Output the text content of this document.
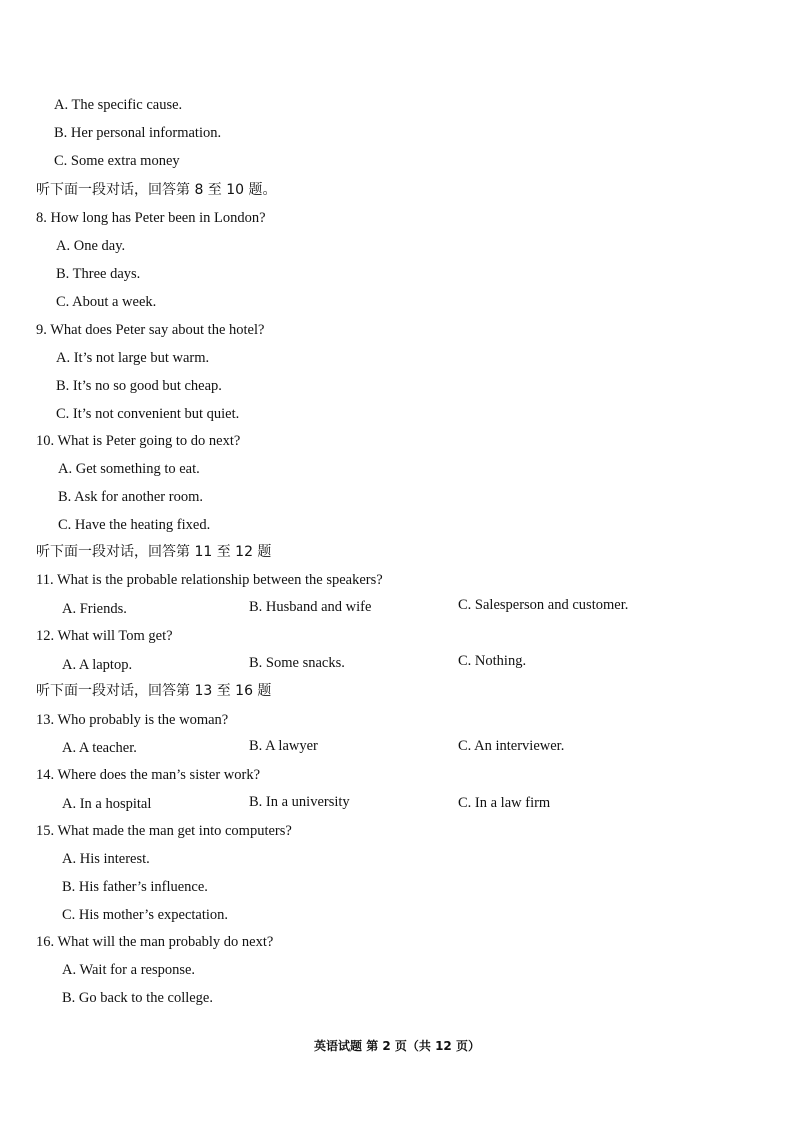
A. The specific cause.
B. Her personal information.
C. Some extra money
听下面一段对话，回答第 8 至 10 题。
8. How long has Peter been in London?
A. One day.
B. Three days.
C. About a week.
9. What does Peter say about the hotel?
A. It’s not large but warm.
B. It’s no so good but cheap.
C. It’s not convenient but quiet.
10. What is Peter going to do next?
A. Get something to eat.
B. Ask for another room.
C. Have the heating fixed.
听下面一段对话，回答第 11 至 12 题
11. What is the probable relationship between the speakers?
A. Friends.	B. Husband and wife	C. Salesperson and customer.
12. What will Tom get?
A. A laptop.	B. Some snacks.	C. Nothing.
听下面一段对话，回答第 13 至 16 题
13. Who probably is the woman?
A. A teacher.	B. A lawyer	C. An interviewer.
14. Where does the man’s sister work?
A. In a hospital	B. In a university	C. In a law firm
15. What made the man get into computers?
A. His interest.
B. His father’s influence.
C. His mother’s expectation.
16. What will the man probably do next?
A. Wait for a response.
B. Go back to the college.
英语试题 第 2 页（共 12 页）
